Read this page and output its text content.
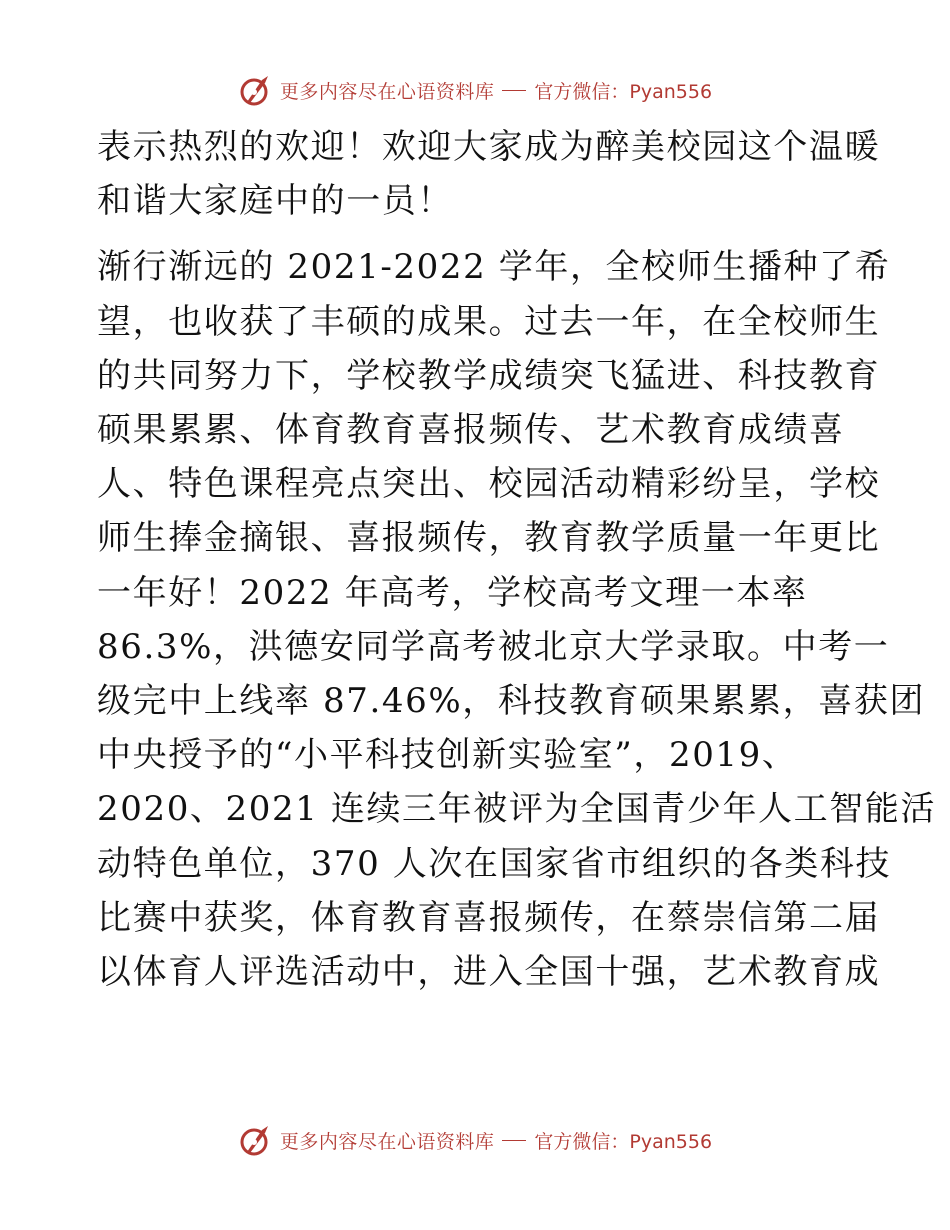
更多内容尽在心语资料库 官方微信：Pyan556

表示热烈的欢迎！欢迎大家成为醉美校园这个温暖
和谐大家庭中的一员！

渐行渐远的 2021-2022 学年，全校师生播种了希
望，也收获了丰硕的成果。过去一年，在全校师生
的共同努力下，学校教学成绩突飞猛进、科技教育
硕果累累、体育教育喜报频传、艺术教育成绩喜
人、特色课程亮点突出、校园活动精彩纷呈，学校
师生捧金摘银、喜报频传，教育教学质量一年更比
一年好！2022 年高考，学校高考文理一本率
86.3%，洪德安同学高考被北京大学录取。中考一
级完中上线率 87.46%，科技教育硕果累累，喜获团
中央授予的“小平科技创新实验室”，2019、
2020、2021 连续三年被评为全国青少年人工智能活
动特色单位，370 人次在国家省市组织的各类科技
比赛中获奖，体育教育喜报频传，在蔡崇信第二届
以体育人评选活动中，进入全国十强，艺术教育成

更多内容尽在心语资料库 官方微信：Pyan556
